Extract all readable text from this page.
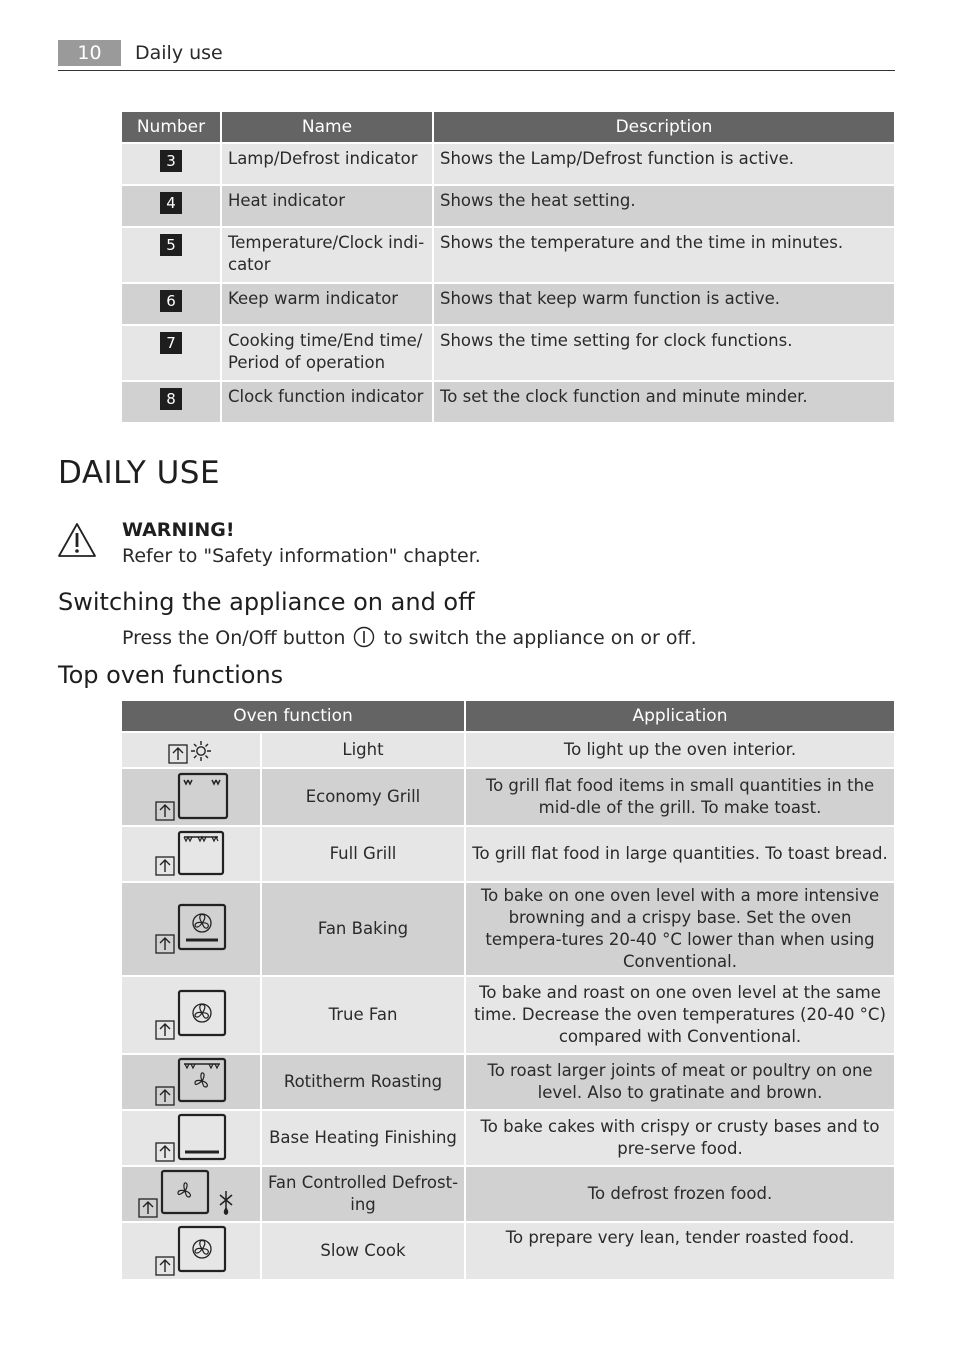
10	Daily use
Number	Name	Description
3	Lamp/Defrost indicator	Shows the Lamp/Defrost function is active.
4	Heat indicator	Shows the heat setting.
5	Temperature/Clock indi-cator	Shows the temperature and the time in minutes.
6	Keep warm indicator	Shows that keep warm function is active.
7	Cooking time/End time/ Period of operation	Shows the time setting for clock functions.
8	Clock function indicator	To set the clock function and minute minder.
DAILY USE
WARNING!
Refer to "Safety information" chapter.
Switching the appliance on and off
Press the On/Off button to switch the appliance on or off.
Top oven functions
Oven function		Application

	Light	To light up the oven interior.

	Economy Grill	To grill flat food items in small quantities in the mid-dle of the grill. To make toast.

	Full Grill	To grill flat food in large quantities. To toast bread.

	Fan Baking	To bake on one oven level with a more intensive browning and a crispy base. Set the oven tempera-tures 20-40 °C lower than when using Conventional.

	True Fan	To bake and roast on one oven level at the same time. Decrease the oven temperatures (20-40 °C) compared with Conventional.

	Rotitherm Roasting	To roast larger joints of meat or poultry on one level. Also to gratinate and brown.

	Base Heating Finishing	To bake cakes with crispy or crusty bases and to pre-serve food.

	Fan Controlled Defrost-ing	To defrost frozen food.

	Slow Cook	To prepare very lean, tender roasted food.
